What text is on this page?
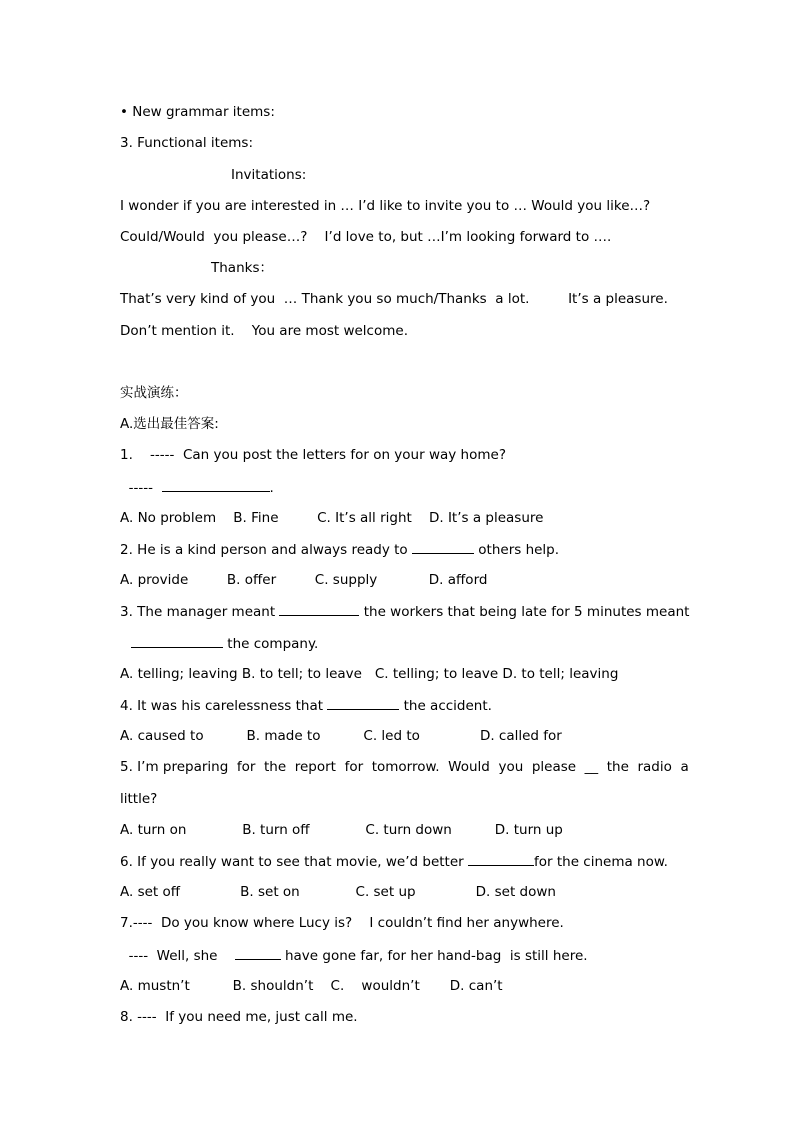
• New grammar items:
3. Functional items:
Invitations:
I wonder if you are interested in … I’d like to invite you to … Would you like…?
Could/Would  you please…?    I’d love to, but …I’m looking forward to ….
Thanks：
That’s very kind of you  … Thank you so much/Thanks  a lot.         It’s a pleasure.
Don’t mention it.    You are most welcome.
实战演练：
A.选出最佳答案:
1.    -----  Can you post the letters for on your way home?
-----	.
A. No problem    B. Fine         C. It’s all right    D. It’s a pleasure
2. He is a kind person and always ready to	others help.
A. provide         B. offer         C. supply            D. afford
3. The manager meant	the workers that being late for 5 minutes meant
the company.
A. telling; leaving B. to tell; to leave   C. telling; to leave D. to tell; leaving
4. It was his carelessness that	the accident.
A. caused to          B. made to          C. led to              D. called for
5. I’m preparing  for  the  report  for  tomorrow.  Would  you  please  __  the  radio  a
little?
A. turn on             B. turn off             C. turn down          D. turn up
6. If you really want to see that movie, we’d better	for the cinema now.
A. set off              B. set on             C. set up              D. set down
7.----  Do you know where Lucy is?    I couldn’t find her anywhere.
----  Well, she	have gone far, for her hand-bag  is still here.
A. mustn’t          B. shouldn’t    C.    wouldn’t       D. can’t
8. ----  If you need me, just call me.
